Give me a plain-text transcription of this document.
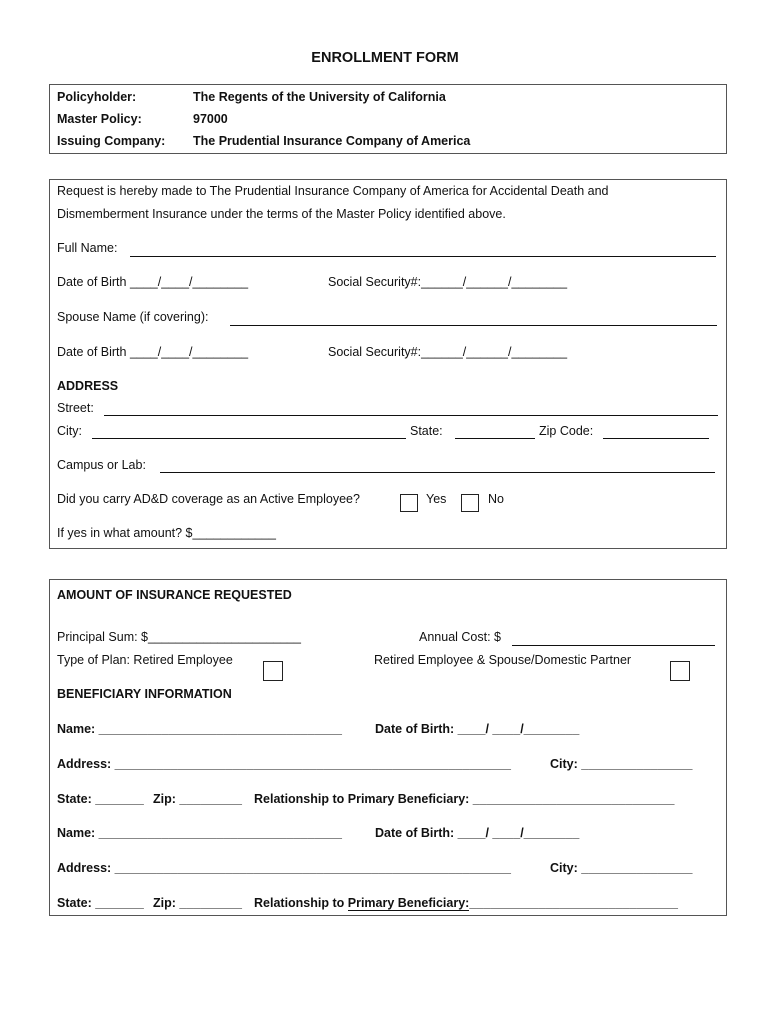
ENROLLMENT FORM
Policyholder:	The Regents of the University of California
Master Policy:	97000
Issuing Company: The Prudential Insurance Company of America
Request is hereby made to The Prudential Insurance Company of America for Accidental Death and
Dismemberment Insurance under the terms of the Master Policy identified above.
Full Name:
Date of Birth ____/____/________	Social Security#:______/______/________
Spouse Name (if covering):
Date of Birth ____/____/________	Social Security#:______/______/________
ADDRESS
Street:
City:	State:	Zip Code:
Campus or Lab:
Did you carry AD&D coverage as an Active Employee?	Yes	No
If yes in what amount? $____________
AMOUNT OF INSURANCE REQUESTED
Principal Sum: $______________________	Annual Cost: $
Type of Plan: Retired Employee	Retired Employee & Spouse/Domestic Partner
BENEFICIARY INFORMATION
Name: ___________________________________	Date of Birth: ____/ ____/________
Address: _________________________________________________________	City: ________________
State: _______ Zip: _________ Relationship to Primary Beneficiary: _____________________________
Name: ___________________________________	Date of Birth: ____/ ____/________
Address: _________________________________________________________	City: ________________
State: _______ Zip: _________ Relationship to Primary Beneficiary:______________________________
